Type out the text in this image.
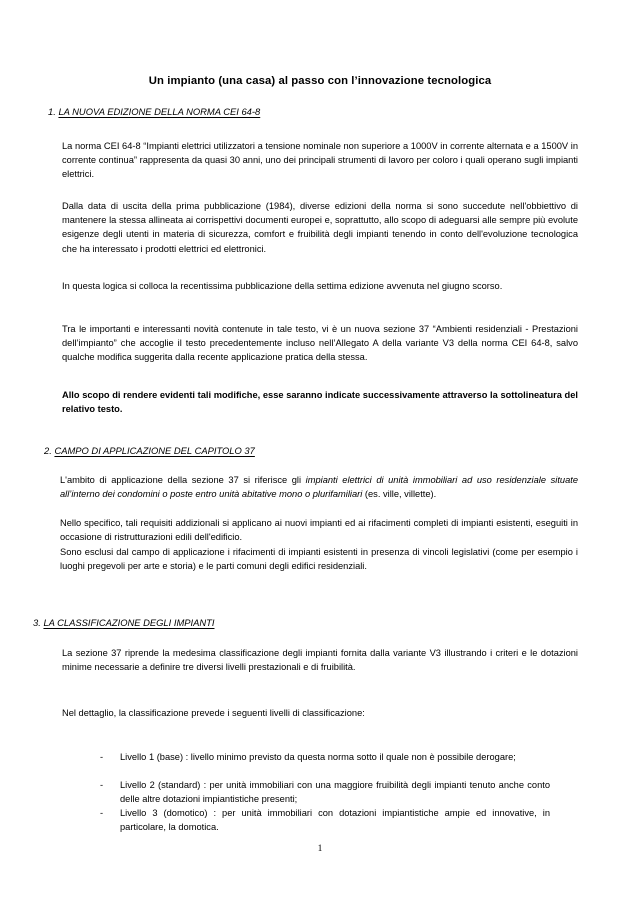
Un impianto (una casa) al passo con l’innovazione tecnologica
1. LA NUOVA EDIZIONE DELLA NORMA CEI 64-8
La norma CEI 64-8 “Impianti elettrici utilizzatori a tensione nominale non superiore a 1000V in corrente alternata e a 1500V in corrente continua” rappresenta da quasi 30 anni, uno dei principali strumenti di lavoro per coloro i quali operano sugli impianti elettrici.
Dalla data di uscita della prima pubblicazione (1984), diverse edizioni della norma si sono succedute nell'obbiettivo di mantenere la stessa allineata ai corrispettivi documenti europei e, soprattutto, allo scopo di adeguarsi alle sempre più evolute esigenze degli utenti in materia di sicurezza, comfort e fruibilità degli impianti tenendo in conto dell'evoluzione tecnologica che ha interessato i prodotti elettrici ed elettronici.
In questa logica si colloca la recentissima pubblicazione della settima edizione avvenuta nel giugno scorso.
Tra le importanti e interessanti novità contenute in tale testo, vi è un nuova sezione 37 “Ambienti residenziali - Prestazioni dell’impianto” che accoglie il testo precedentemente incluso nell’Allegato A della variante V3 della norma CEI 64-8, salvo qualche modifica suggerita dalla recente applicazione pratica della stessa.
Allo scopo di rendere evidenti tali modifiche, esse saranno indicate successivamente attraverso la sottolineatura del relativo testo.
2. CAMPO DI APPLICAZIONE DEL CAPITOLO 37
L'ambito di applicazione della sezione 37 si riferisce gli impianti elettrici di unità immobiliari ad uso residenziale situate all’interno dei condomini o poste entro unità abitative mono o plurifamiliari (es. ville, villette).
Nello specifico, tali requisiti addizionali si applicano ai nuovi impianti ed ai rifacimenti completi di impianti esistenti, eseguiti in occasione di ristrutturazioni edili dell'edificio.
Sono esclusi dal campo di applicazione i rifacimenti di impianti esistenti in presenza di vincoli legislativi (come per esempio i luoghi pregevoli per arte e storia) e le parti comuni degli edifici residenziali.
3. LA CLASSIFICAZIONE DEGLI IMPIANTI
La sezione 37 riprende la medesima classificazione degli impianti fornita dalla variante V3 illustrando i criteri e le dotazioni minime necessarie a definire tre diversi livelli prestazionali e di fruibilità.
Nel dettaglio, la classificazione prevede i seguenti livelli di classificazione:
-	Livello 1 (base) : livello minimo previsto da questa norma sotto il quale non è possibile derogare;
-	Livello 2 (standard) : per unità immobiliari con una maggiore fruibilità degli impianti tenuto anche conto delle altre dotazioni impiantistiche presenti;
-	Livello 3 (domotico) : per unità immobiliari con dotazioni impiantistiche ampie ed innovative, in particolare, la domotica.
1
